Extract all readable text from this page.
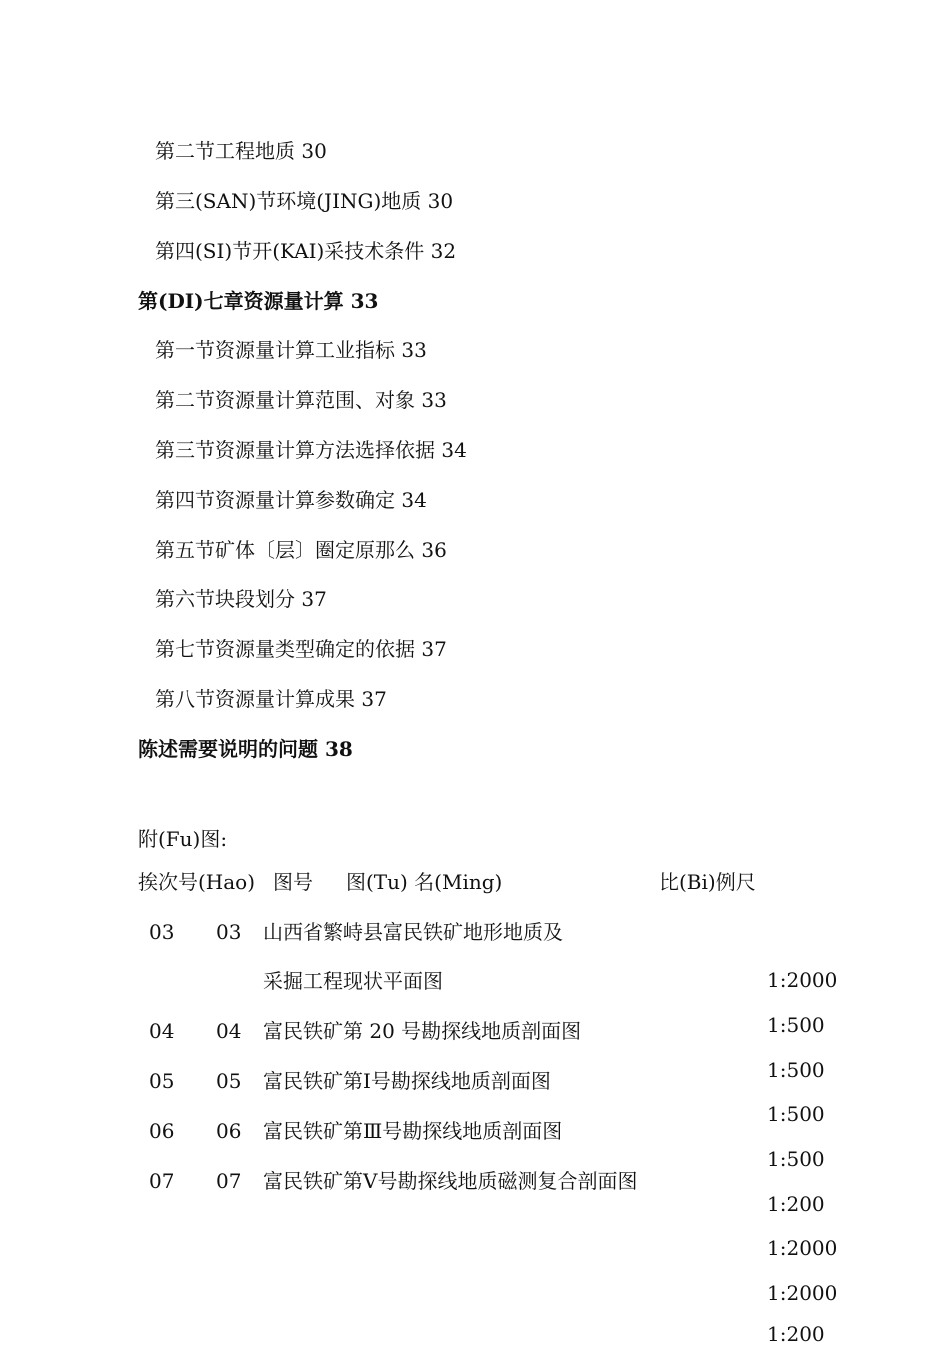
第二节工程地质 30
第三(SAN)节环境(JING)地质 30
第四(SI)节开(KAI)采技术条件 32
第(DI)七章资源量计算 33
第一节资源量计算工业指标 33
第二节资源量计算范围、对象 33
第三节资源量计算方法选择依据 34
第四节资源量计算参数确定 34
第五节矿体〔层〕圈定原那么 36
第六节块段划分 37
第七节资源量类型确定的依据 37
第八节资源量计算成果 37
陈述需要说明的问题 38
附(Fu)图:
挨次号(Hao) 图号 图(Tu) 名(Ming)	比(Bi)例尺
03 03 山西省繁峙县富民铁矿地形地质及
采掘工程现状平面图
04 04 富民铁矿第 20 号勘探线地质剖面图
05 05 富民铁矿第Ⅰ号勘探线地质剖面图
06 06 富民铁矿第Ⅲ号勘探线地质剖面图
07 07 富民铁矿第Ⅴ号勘探线地质磁测复合剖面图
1:2000
1:500
1:500
1:500
1:500
1:200
1:2000
1:2000
1:200
